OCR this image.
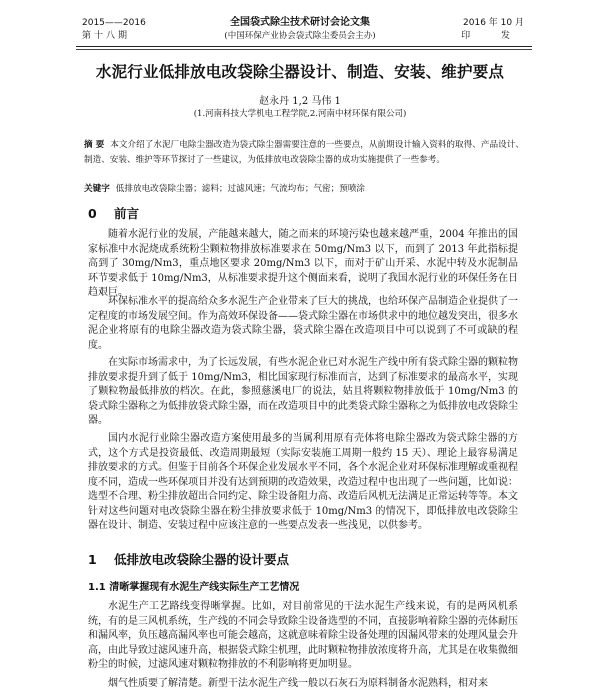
2015——2016
第十八期
全国袋式除尘技术研讨会论文集
(中国环保产业协会袋式除尘委员会主办)
2016 年 10 月
印 发
水泥行业低排放电改袋除尘器设计、制造、安装、维护要点
赵永丹 1,2 马伟 1
(1.河南科技大学机电工程学院,2.河南中材环保有限公司)
摘 要 本文介绍了水泥厂电除尘器改造为袋式除尘器需要注意的一些要点，从前期设计输入资料的取得、产品设计、制造、安装、维护等环节探讨了一些建议，为低排放电改袋除尘器的成功实施提供了一些参考。
关键字 低排放电改袋除尘器；滤料；过滤风速；气流均布；气密；预喷涂
0 前言
随着水泥行业的发展，产能越来越大，随之而来的环境污染也越来越严重，2004 年推出的国家标准中水泥烧成系统粉尘颗粒物排放标准要求在 50mg/Nm3 以下，而到了 2013 年此指标提高到了 30mg/Nm3，重点地区要求 20mg/Nm3 以下，而对于矿山开采、水泥中转及水泥制品环节要求低于 10mg/Nm3，从标准要求提升这个侧面来看，说明了我国水泥行业的环保任务在日趋艰巨。
环保标准水平的提高给众多水泥生产企业带来了巨大的挑战，也给环保产品制造企业提供了一定程度的市场发展空间。作为高效环保设备——袋式除尘器在市场供求中的地位越发突出，很多水泥企业将原有的电除尘器改造为袋式除尘器，袋式除尘器在改造项目中可以说到了不可或缺的程度。
在实际市场需求中，为了长远发展，有些水泥企业已对水泥生产线中所有袋式除尘器的颗粒物排放要求提升到了低于 10mg/Nm3，相比国家现行标准而言，达到了标准要求的最高水平，实现了颗粒物最低排放的档次。在此，参照慈溪电厂的说法，姑且将颗粒物排放低于 10mg/Nm3 的袋式除尘器称之为低排放袋式除尘器，而在改造项目中的此类袋式除尘器称之为低排放电改袋除尘器。
国内水泥行业除尘器改造方案使用最多的当属利用原有壳体将电除尘器改为袋式除尘器的方式，这个方式是投资最低、改造周期最短（实际安装施工周期一般约 15 天）、理论上最容易满足排放要求的方式。但鉴于目前各个环保企业发展水平不同，各个水泥企业对环保标准理解或重视程度不同，造成一些环保项目并没有达到预期的改造效果，改造过程中也出现了一些问题，比如说：选型不合理、粉尘排放超出合同约定、除尘设备阻力高、改造后风机无法满足正常运转等等。本文针对这些问题对电改袋除尘器在粉尘排放要求低于 10mg/Nm3 的情况下，即低排放电改袋除尘器在设计、制造、安装过程中应该注意的一些要点发表一些浅见，以供参考。
1 低排放电改袋除尘器的设计要点
1.1 清晰掌握现有水泥生产线实际生产工艺情况
水泥生产工艺路线变得晰掌握。比如，对目前常见的干法水泥生产线来说，有的是两风机系统，有的是三风机系统，生产线的不同会导致除尘设备选型的不同，直接影响着除尘器的壳体耐压和漏风率，负压越高漏风率也可能会越高，这就意味着除尘设备处理的因漏风带来的处理风量会升高，由此导致过滤风速升高，根据袋式除尘机理，此时颗粒物排放浓度将升高，尤其是在收集微细粉尘的时候，过滤风速对颗粒物排放的不利影响将更加明显。
烟气性质要了解清楚。新型干法水泥生产线一般以石灰石为原料制备水泥熟料，相对来
